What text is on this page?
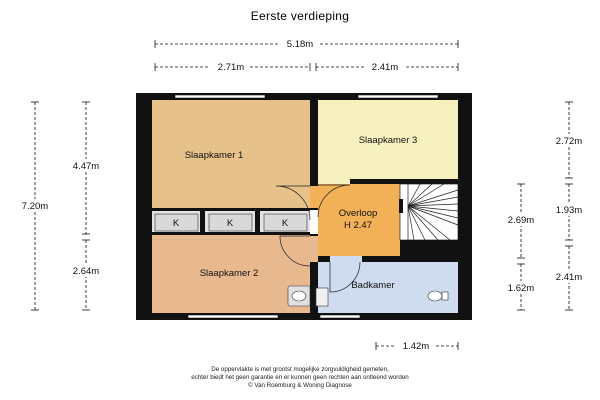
Eerste verdieping
5.18m
2.71m	2.41m
7.20m
4.47m
2.64m
2.72m
1.93m
2.41m
2.69m
1.62m
1.42m
K	K	K
Slaapkamer 1
Slaapkamer 2
Slaapkamer 3
Overloop
H 2.47
Badkamer
De oppervlakte is met grootst mogelijke zorgvuldigheid gemeten,
echter biedt het geen garantie en er kunnen geen rechten aan ontleend worden
© Van Roemburg & Woning Diagnose
